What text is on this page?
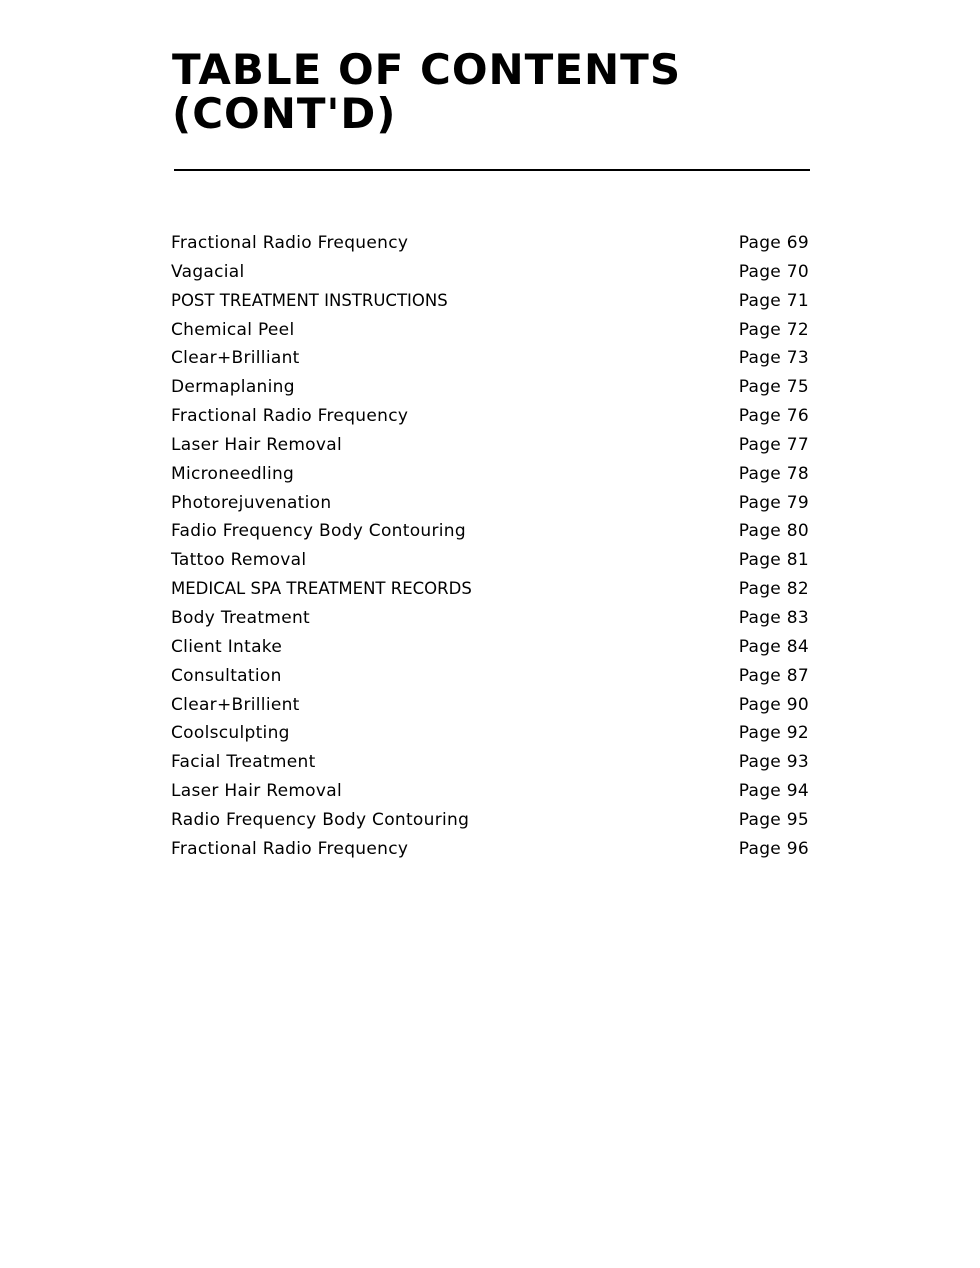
TABLE OF CONTENTS
(CONT'D)
Fractional Radio Frequency	Page 69
Vagacial	Page 70
POST TREATMENT INSTRUCTIONS	Page 71
Chemical Peel	Page 72
Clear+Brilliant	Page 73
Dermaplaning	Page 75
Fractional Radio Frequency	Page 76
Laser Hair Removal	Page 77
Microneedling	Page 78
Photorejuvenation	Page 79
Fadio Frequency Body Contouring	Page 80
Tattoo Removal	Page 81
MEDICAL SPA TREATMENT RECORDS	Page 82
Body Treatment	Page 83
Client Intake	Page 84
Consultation	Page 87
Clear+Brillient	Page 90
Coolsculpting	Page 92
Facial Treatment	Page 93
Laser Hair Removal	Page 94
Radio Frequency Body Contouring	Page 95
Fractional Radio Frequency	Page 96
